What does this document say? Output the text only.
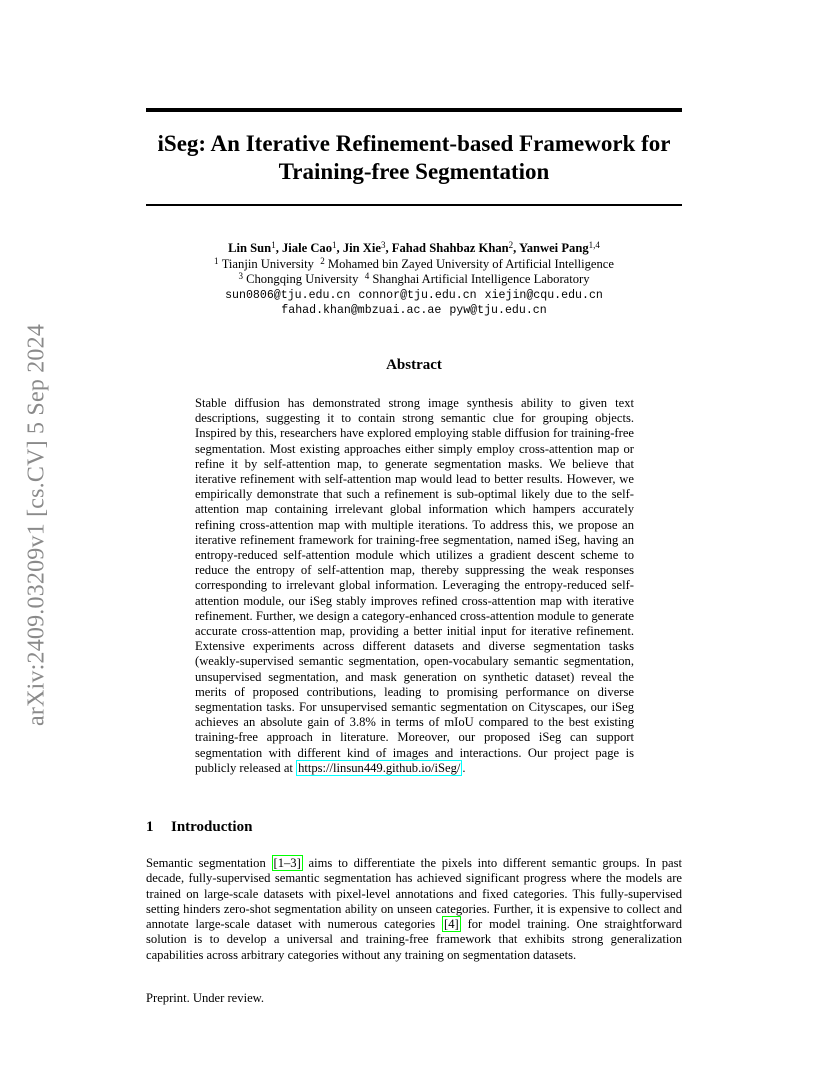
arXiv:2409.03209v1 [cs.CV] 5 Sep 2024
iSeg: An Iterative Refinement-based Framework for
Training-free Segmentation
Lin Sun$^1$, Jiale Cao$^1$, Jin Xie$^3$, Fahad Shahbaz Khan$^2$, Yanwei Pang$^{1,4}$
$^1$ Tianjin University $^2$ Mohamed bin Zayed University of Artificial Intelligence
$^3$ Chongqing University $^4$ Shanghai Artificial Intelligence Laboratory
sun0806@tju.edu.cn connor@tju.edu.cn xiejin@cqu.edu.cn
fahad.khan@mbzuai.ac.ae pyw@tju.edu.cn
Abstract
Stable diffusion has demonstrated strong image synthesis ability to given text descriptions, suggesting it to contain strong semantic clue for grouping objects. Inspired by this, researchers have explored employing stable diffusion for training-free segmentation. Most existing approaches either simply employ cross-attention map or refine it by self-attention map, to generate segmentation masks. We believe that iterative refinement with self-attention map would lead to better results. However, we empirically demonstrate that such a refinement is sub-optimal likely due to the self-attention map containing irrelevant global information which hampers accurately refining cross-attention map with multiple iterations. To address this, we propose an iterative refinement framework for training-free segmentation, named iSeg, having an entropy-reduced self-attention module which utilizes a gradient descent scheme to reduce the entropy of self-attention map, thereby suppressing the weak responses corresponding to irrelevant global information. Leveraging the entropy-reduced self-attention module, our iSeg stably improves refined cross-attention map with iterative refinement. Further, we design a category-enhanced cross-attention module to generate accurate cross-attention map, providing a better initial input for iterative refinement. Extensive experiments across different datasets and diverse segmentation tasks (weakly-supervised semantic segmentation, open-vocabulary semantic segmentation, unsupervised segmentation, and mask generation on synthetic dataset) reveal the merits of proposed contributions, leading to promising performance on diverse segmentation tasks. For unsupervised semantic segmentation on Cityscapes, our iSeg achieves an absolute gain of 3.8% in terms of mIoU compared to the best existing training-free approach in literature. Moreover, our proposed iSeg can support segmentation with different kind of images and interactions. Our project page is publicly released at https://linsun449.github.io/iSeg/ .
1 Introduction
Semantic segmentation [1–3] aims to differentiate the pixels into different semantic groups. In past decade, fully-supervised semantic segmentation has achieved significant progress where the models are trained on large-scale datasets with pixel-level annotations and fixed categories. This fully-supervised setting hinders zero-shot segmentation ability on unseen categories. Further, it is expensive to collect and annotate large-scale dataset with numerous categories [4] for model training. One straightforward solution is to develop a universal and training-free framework that exhibits strong generalization capabilities across arbitrary categories without any training on segmentation datasets.
Preprint. Under review.
